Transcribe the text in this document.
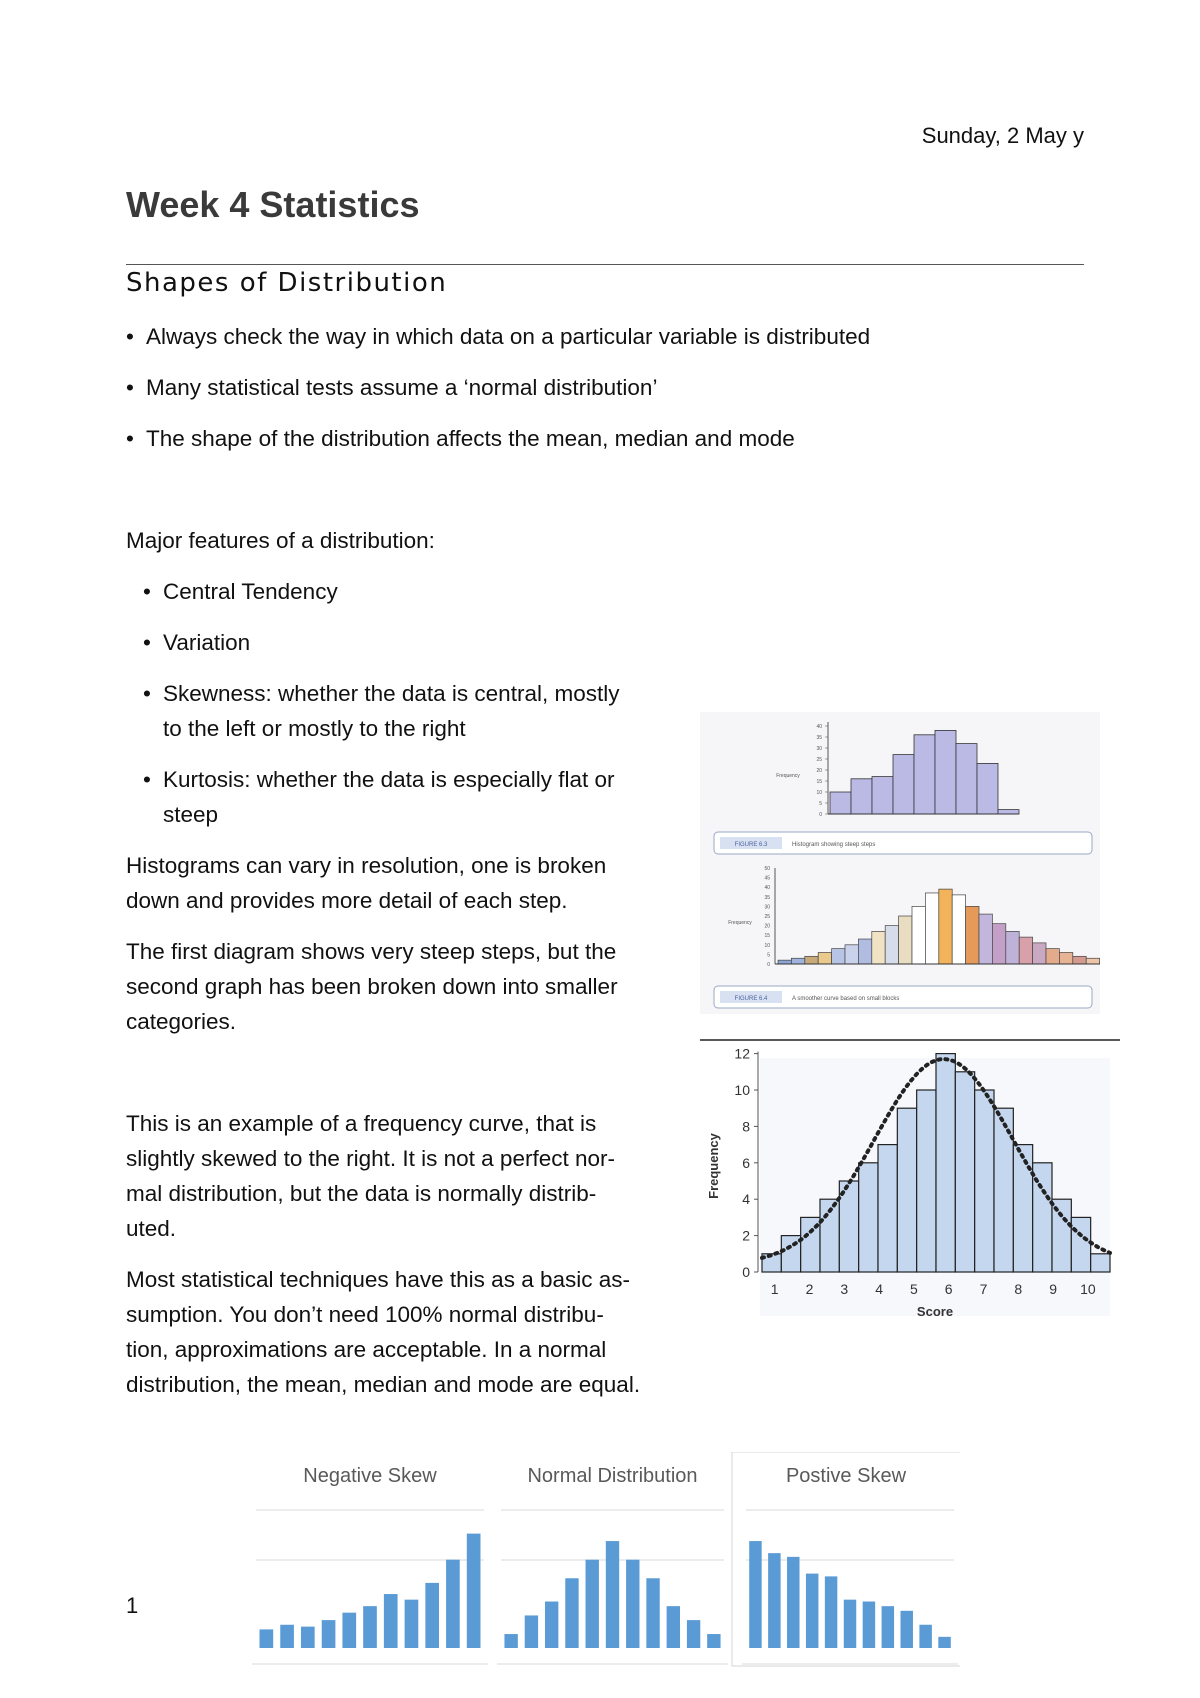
Sunday, 2 May y
Week 4 Statistics
Shapes of Distribution
• Always check the way in which data on a particular variable is distributed
• Many statistical tests assume a ‘normal distribution’
• The shape of the distribution affects the mean, median and mode
Major features of a distribution:
• Central Tendency
• Variation
• Skewness: whether the data is central, mostly
to the left or mostly to the right
• Kurtosis: whether the data is especially flat or
steep
Histograms can vary in resolution, one is broken
down and provides more detail of each step.
The first diagram shows very steep steps, but the
second graph has been broken down into smaller
categories.
This is an example of a frequency curve, that is
slightly skewed to the right. It is not a perfect nor-
mal distribution, but the data is normally distrib-
uted.
Most statistical techniques have this as a basic as-
sumption. You don’t need 100% normal distribu-
tion, approximations are acceptable. In a normal
distribution, the mean, median and mode are equal.
40
35
30
25
20
15
10
5
0
Frequency
FIGURE 6.3	Histogram showing steep steps
50
45
40
35
30
25
20
15
10
5
0
Frequency
FIGURE 6.4	A smoother curve based on small blocks
12
10
8
6
4
2
0
Frequency
1 2 3 4 5 6 7 8 9 10
Score
Negative Skew	Normal Distribution	Postive Skew
1
